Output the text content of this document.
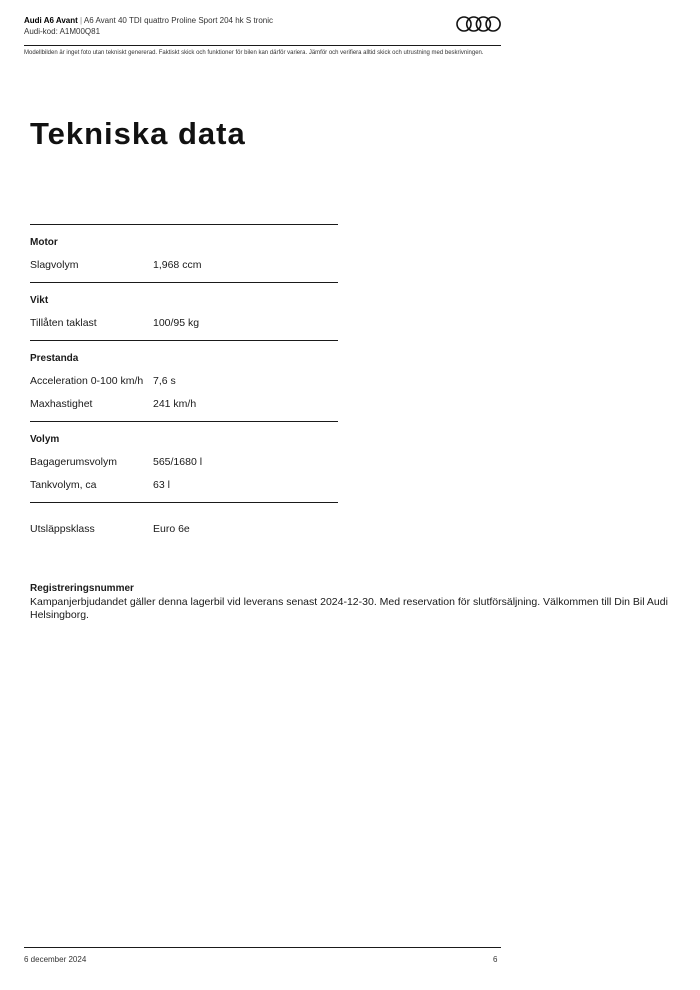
Audi A6 Avant | A6 Avant 40 TDI quattro Proline Sport 204 hk S tronic
Audi-kod: A1M00Q81
Modellbilden är inget foto utan tekniskt genererad. Faktiskt skick och funktioner för bilen kan därför variera. Jämför och verifiera alltid skick och utrustning med beskrivningen.
Tekniska data
Motor
Slagvolym	1,968 ccm
Vikt
Tillåten taklast	100/95 kg
Prestanda
Acceleration 0-100 km/h 7,6 s
Maxhastighet	241 km/h
Volym
Bagagerumsvolym	565/1680 l
Tankvolym, ca	63 l
Utsläppsklass	Euro 6e
Registreringsnummer
Kampanjerbjudandet gäller denna lagerbil vid leverans senast 2024-12-30. Med reservation för slutförsäljning. Välkommen till Din Bil Audi Helsingborg.
6 december 2024	6
